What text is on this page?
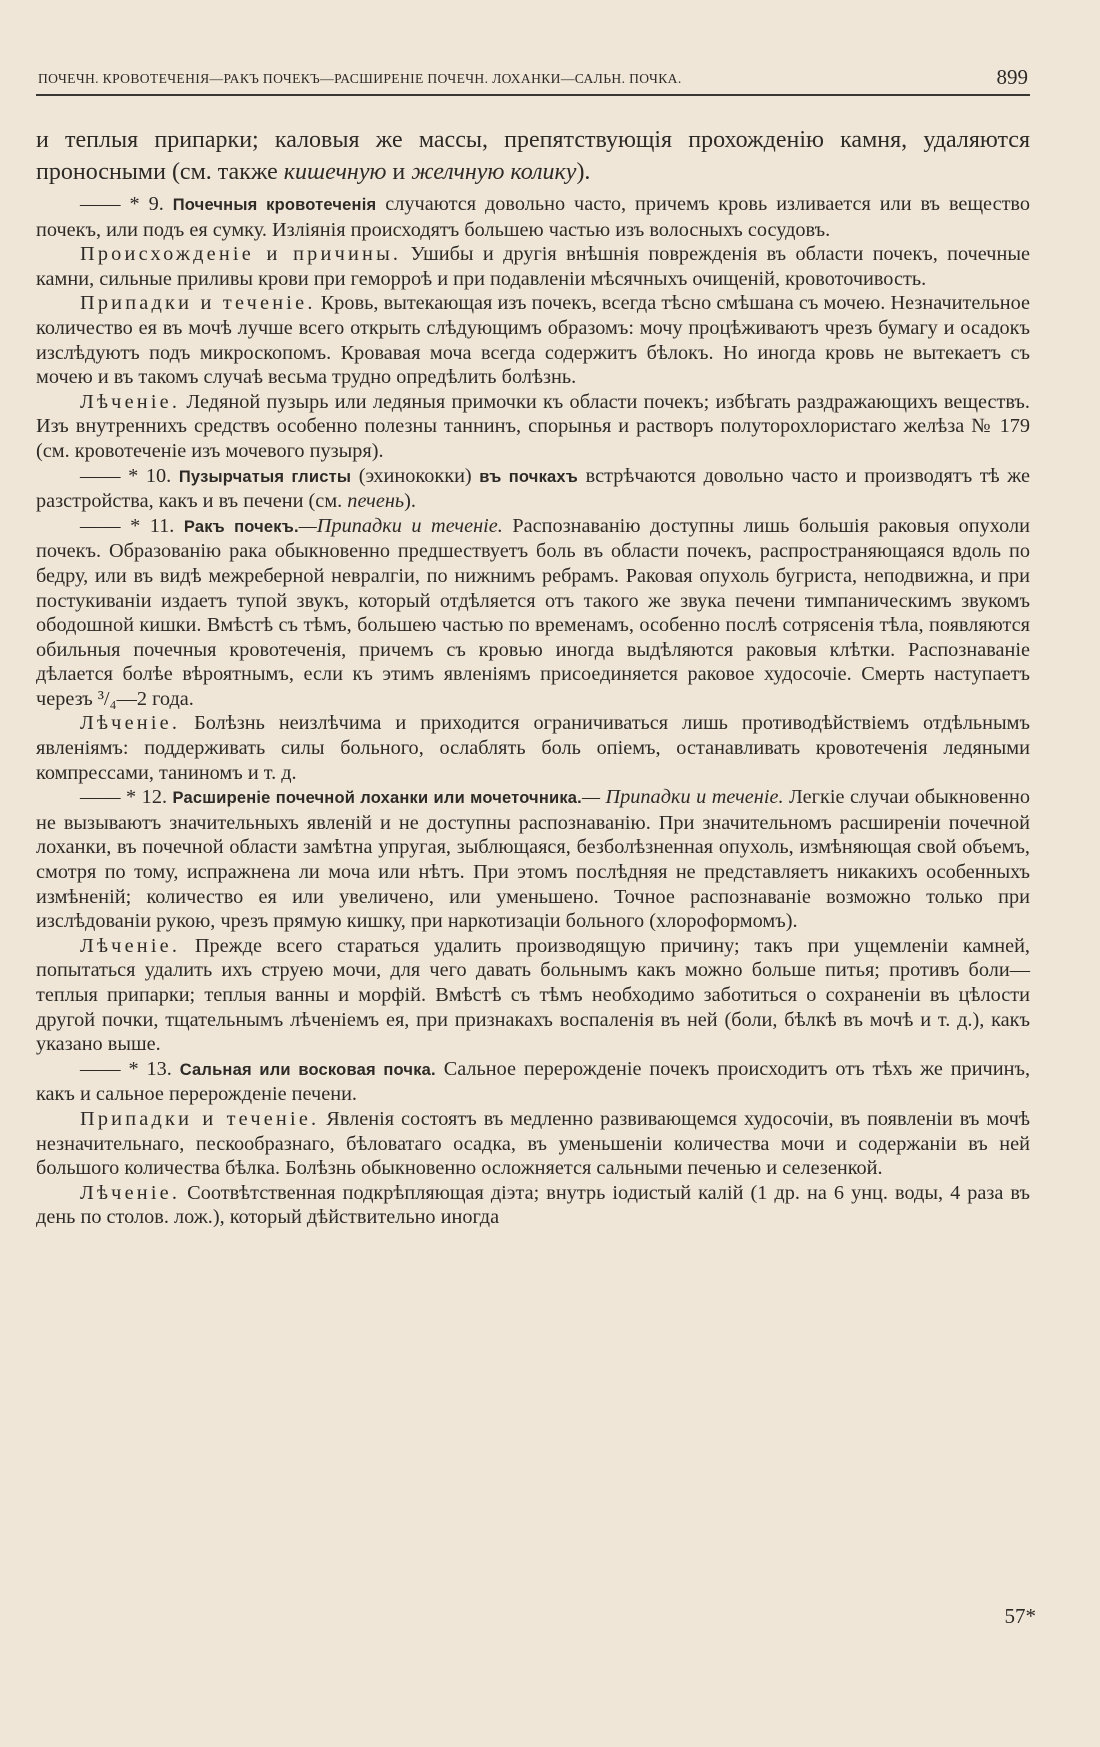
ПОЧЕЧН. КРОВОТЕЧЕНІЯ—РАКЪ ПОЧЕКЪ—РАСШИРЕНІЕ ПОЧЕЧН. ЛОХАНКИ—САЛЬН. ПОЧКА.	899

и теплыя припарки; каловыя же массы, препятствующія прохожденію камня, удаляются проносными (см. также кишечную и желчную колику).

—— * 9. Почечныя кровотеченія случаются довольно часто, причемъ кровь изливается или въ вещество почекъ, или подъ ея сумку. Изліянія происходятъ большею частью изъ волосныхъ сосудовъ.

Происхожденіе и причины. Ушибы и другія внѣшнія поврежденія въ области почекъ, почечные камни, сильные приливы крови при геморроѣ и при подавленіи мѣсячныхъ очищеній, кровоточивость.

Припадки и теченіе. Кровь, вытекающая изъ почекъ, всегда тѣсно смѣшана съ мочею. Незначительное количество ея въ мочѣ лучше всего открыть слѣдующимъ образомъ: мочу процѣживаютъ чрезъ бумагу и осадокъ изслѣдуютъ подъ микроскопомъ. Кровавая моча всегда содержитъ бѣлокъ. Но иногда кровь не вытекаетъ съ мочею и въ такомъ случаѣ весьма трудно опредѣлить болѣзнь.

Лѣченіе. Ледяной пузырь или ледяныя примочки къ области почекъ; избѣгать раздражающихъ веществъ. Изъ внутреннихъ средствъ особенно полезны таннинъ, спорынья и растворъ полуторохлористаго желѣза № 179 (см. кровотеченіе изъ мочевого пузыря).

—— * 10. Пузырчатыя глисты (эхинококки) въ почкахъ встрѣчаются довольно часто и производятъ тѣ же разстройства, какъ и въ печени (см. печень).

—— * 11. Ракъ почекъ.—Припадки и теченіе. Распознаванію доступны лишь большія раковыя опухоли почекъ. Образованію рака обыкновенно предшествуетъ боль въ области почекъ, распространяющаяся вдоль по бедру, или въ видѣ межреберной невралгіи, по нижнимъ ребрамъ. Раковая опухоль бугриста, неподвижна, и при постукиваніи издаетъ тупой звукъ, который отдѣляется отъ такого же звука печени тимпаническимъ звукомъ ободошной кишки. Вмѣстѣ съ тѣмъ, большею частью по временамъ, особенно послѣ сотрясенія тѣла, появляются обильныя почечныя кровотеченія, причемъ съ кровью иногда выдѣляются раковыя клѣтки. Распознаваніе дѣлается болѣе вѣроятнымъ, если къ этимъ явленіямъ присоединяется раковое худосочіе. Смерть наступаетъ черезъ ³/₄—2 года.

Лѣченіе. Болѣзнь неизлѣчима и приходится ограничиваться лишь противодѣйствіемъ отдѣльнымъ явленіямъ: поддерживать силы больного, ослаблять боль опіемъ, останавливать кровотеченія ледяными компрессами, таниномъ и т. д.

—— * 12. Расширеніе почечной лоханки или мочеточника.— Припадки и теченіе. Легкіе случаи обыкновенно не вызываютъ значительныхъ явленій и не доступны распознаванію. При значительномъ расширеніи почечной лоханки, въ почечной области замѣтна упругая, зыблющаяся, безболѣзненная опухоль, измѣняющая свой объемъ, смотря по тому, испражнена ли моча или нѣтъ. При этомъ послѣдняя не представляетъ никакихъ особенныхъ измѣненій; количество ея или увеличено, или уменьшено. Точное распознаваніе возможно только при изслѣдованіи рукою, чрезъ прямую кишку, при наркотизаціи больного (хлороформомъ).

Лѣченіе. Прежде всего стараться удалить производящую причину; такъ при ущемленіи камней, попытаться удалить ихъ струею мочи, для чего давать больнымъ какъ можно больше питья; противъ боли—теплыя припарки; теплыя ванны и морфій. Вмѣстѣ съ тѣмъ необходимо заботиться о сохраненіи въ цѣлости другой почки, тщательнымъ лѣченіемъ ея, при признакахъ воспаленія въ ней (боли, бѣлкѣ въ мочѣ и т. д.), какъ указано выше.

—— * 13. Сальная или восковая почка. Сальное перерожденіе почекъ происходитъ отъ тѣхъ же причинъ, какъ и сальное перерожденіе печени.

Припадки и теченіе. Явленія состоятъ въ медленно развивающемся худосочіи, въ появленіи въ мочѣ незначительнаго, пескообразнаго, бѣловатаго осадка, въ уменьшеніи количества мочи и содержаніи въ ней большого количества бѣлка. Болѣзнь обыкновенно осложняется сальными печенью и селезенкой.

Лѣченіе. Соотвѣтственная подкрѣпляющая діэта; внутрь іодистый калій (1 др. на 6 унц. воды, 4 раза въ день по столов. лож.), который дѣйствительно иногда

57*
